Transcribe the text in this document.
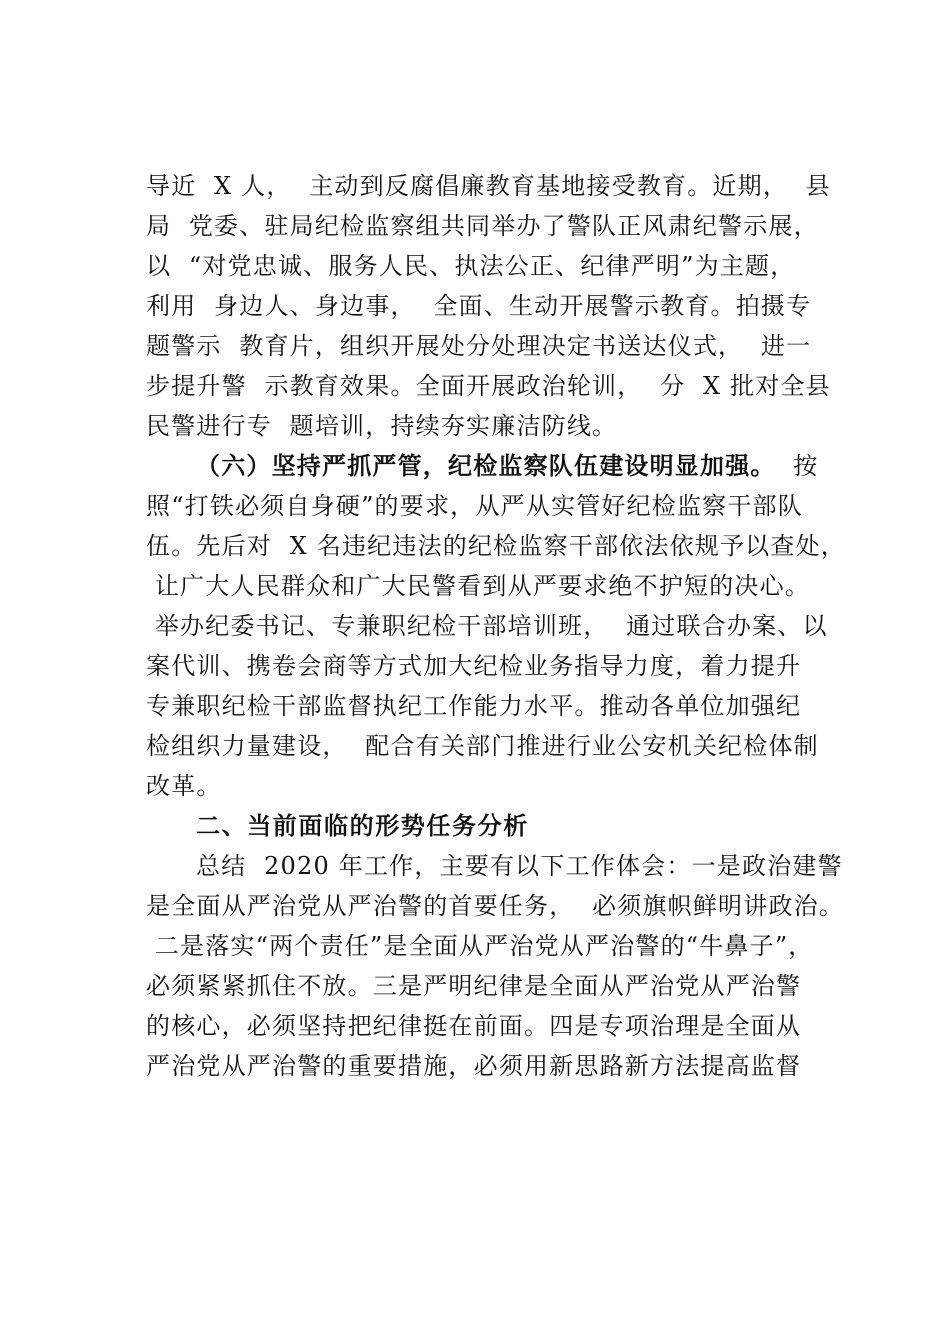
导近  X 人，  主动到反腐倡廉教育基地接受教育。近期，  县
局  党委、驻局纪检监察组共同举办了警队正风肃纪警示展，
以  “对党忠诚、服务人民、执法公正、纪律严明”为主题，
利用  身边人、身边事，  全面、生动开展警示教育。拍摄专
题警示  教育片，组织开展处分处理决定书送达仪式，  进一
步提升警  示教育效果。全面开展政治轮训，  分  X 批对全县
民警进行专  题培训，持续夯实廉洁防线。
（六）坚持严抓严管，纪检监察队伍建设明显加强。  按
照“打铁必须自身硬”的要求，从严从实管好纪检监察干部队
伍。先后对  X 名违纪违法的纪检监察干部依法依规予以查处，
让广大人民群众和广大民警看到从严要求绝不护短的决心。
举办纪委书记、专兼职纪检干部培训班，  通过联合办案、以
案代训、携卷会商等方式加大纪检业务指导力度，着力提升
专兼职纪检干部监督执纪工作能力水平。推动各单位加强纪
检组织力量建设，  配合有关部门推进行业公安机关纪检体制
改革。
二、当前面临的形势任务分析
总结  2020 年工作，主要有以下工作体会：一是政治建警
是全面从严治党从严治警的首要任务，  必须旗帜鲜明讲政治。
二是落实“两个责任”是全面从严治党从严治警的“牛鼻子”，
必须紧紧抓住不放。三是严明纪律是全面从严治党从严治警
的核心，必须坚持把纪律挺在前面。四是专项治理是全面从
严治党从严治警的重要措施，必须用新思路新方法提高监督
